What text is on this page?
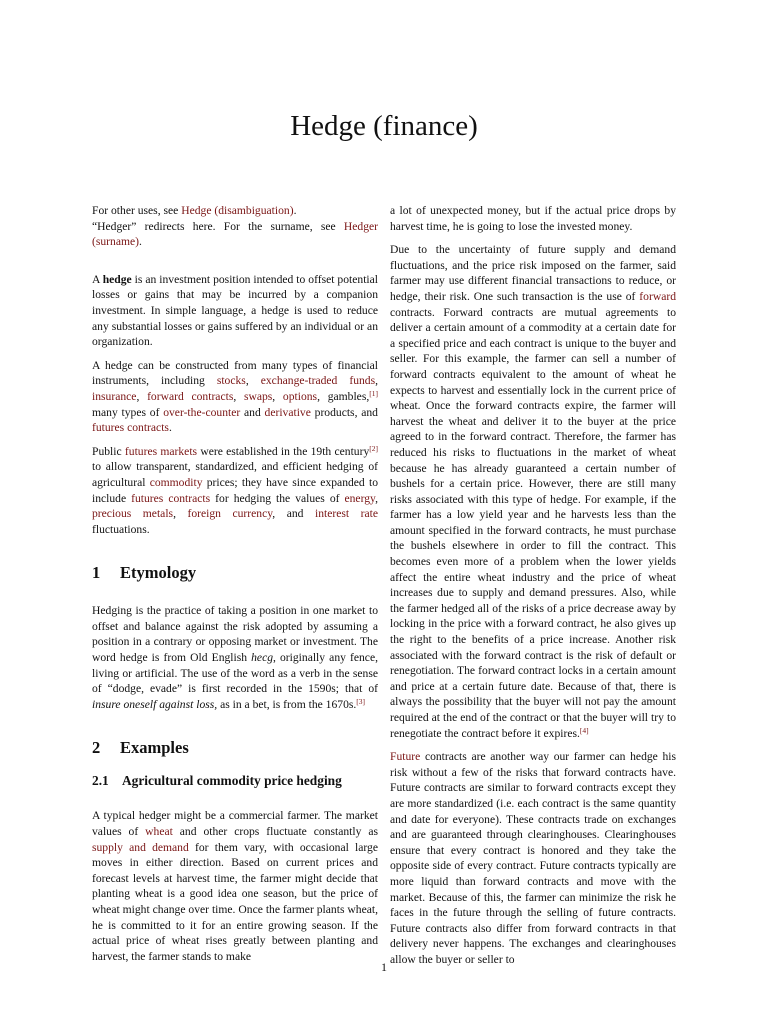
Hedge (finance)

For other uses, see Hedge (disambiguation).

“Hedger” redirects here. For the surname, see Hedger (surname).

A hedge is an investment position intended to offset potential losses or gains that may be incurred by a companion investment. In simple language, a hedge is used to reduce any substantial losses or gains suffered by an individual or an organization.

A hedge can be constructed from many types of financial instruments, including stocks, exchange-traded funds, insurance, forward contracts, swaps, options, gambles,[1] many types of over-the-counter and derivative products, and futures contracts.

Public futures markets were established in the 19th century[2] to allow transparent, standardized, and efficient hedging of agricultural commodity prices; they have since expanded to include futures contracts for hedging the values of energy, precious metals, foreign currency, and interest rate fluctuations.

1 Etymology

Hedging is the practice of taking a position in one market to offset and balance against the risk adopted by assuming a position in a contrary or opposing market or investment. The word hedge is from Old English hecg, originally any fence, living or artificial. The use of the word as a verb in the sense of “dodge, evade” is first recorded in the 1590s; that of insure oneself against loss, as in a bet, is from the 1670s.[3]

2 Examples
2.1 Agricultural commodity price hedging

A typical hedger might be a commercial farmer. The market values of wheat and other crops fluctuate constantly as supply and demand for them vary, with occasional large moves in either direction. Based on current prices and forecast levels at harvest time, the farmer might decide that planting wheat is a good idea one season, but the price of wheat might change over time. Once the farmer plants wheat, he is committed to it for an entire growing season. If the actual price of wheat rises greatly between planting and harvest, the farmer stands to make

a lot of unexpected money, but if the actual price drops by harvest time, he is going to lose the invested money.

Due to the uncertainty of future supply and demand fluctuations, and the price risk imposed on the farmer, said farmer may use different financial transactions to reduce, or hedge, their risk. One such transaction is the use of forward contracts. Forward contracts are mutual agreements to deliver a certain amount of a commodity at a certain date for a specified price and each contract is unique to the buyer and seller. For this example, the farmer can sell a number of forward contracts equivalent to the amount of wheat he expects to harvest and essentially lock in the current price of wheat. Once the forward contracts expire, the farmer will harvest the wheat and deliver it to the buyer at the price agreed to in the forward contract. Therefore, the farmer has reduced his risks to fluctuations in the market of wheat because he has already guaranteed a certain number of bushels for a certain price. However, there are still many risks associated with this type of hedge. For example, if the farmer has a low yield year and he harvests less than the amount specified in the forward contracts, he must purchase the bushels elsewhere in order to fill the contract. This becomes even more of a problem when the lower yields affect the entire wheat industry and the price of wheat increases due to supply and demand pressures. Also, while the farmer hedged all of the risks of a price decrease away by locking in the price with a forward contract, he also gives up the right to the benefits of a price increase. Another risk associated with the forward contract is the risk of default or renegotiation. The forward contract locks in a certain amount and price at a certain future date. Because of that, there is always the possibility that the buyer will not pay the amount required at the end of the contract or that the buyer will try to renegotiate the contract before it expires.[4]

Future contracts are another way our farmer can hedge his risk without a few of the risks that forward contracts have. Future contracts are similar to forward contracts except they are more standardized (i.e. each contract is the same quantity and date for everyone). These contracts trade on exchanges and are guaranteed through clearinghouses. Clearinghouses ensure that every contract is honored and they take the opposite side of every contract. Future contracts typically are more liquid than forward contracts and move with the market. Because of this, the farmer can minimize the risk he faces in the future through the selling of future contracts. Future contracts also differ from forward contracts in that delivery never happens. The exchanges and clearinghouses allow the buyer or seller to

1
